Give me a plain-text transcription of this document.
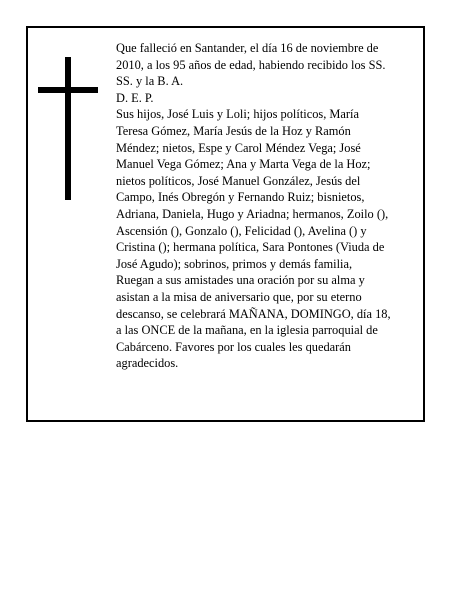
Que falleció en Santander, el día 16 de noviembre de
2010, a los 95 años de edad, habiendo recibido los SS.
SS. y la B. A.
D. E. P.
Sus hijos, José Luis y Loli; hijos políticos, María
Teresa Gómez, María Jesús de la Hoz y Ramón
Méndez; nietos, Espe y Carol Méndez Vega; José
Manuel Vega Gómez; Ana y Marta Vega de la Hoz;
nietos políticos, José Manuel González, Jesús del
Campo, Inés Obregón y Fernando Ruiz; bisnietos,
Adriana, Daniela, Hugo y Ariadna; hermanos, Zoilo (),
Ascensión (), Gonzalo (), Felicidad (), Avelina () y
Cristina (); hermana política, Sara Pontones (Viuda de
José Agudo); sobrinos, primos y demás familia,
Ruegan a sus amistades una oración por su alma y
asistan a la misa de aniversario que, por su eterno
descanso, se celebrará MAÑANA, DOMINGO, día 18,
a las ONCE de la mañana, en la iglesia parroquial de
Cabárceno. Favores por los cuales les quedarán
agradecidos.
